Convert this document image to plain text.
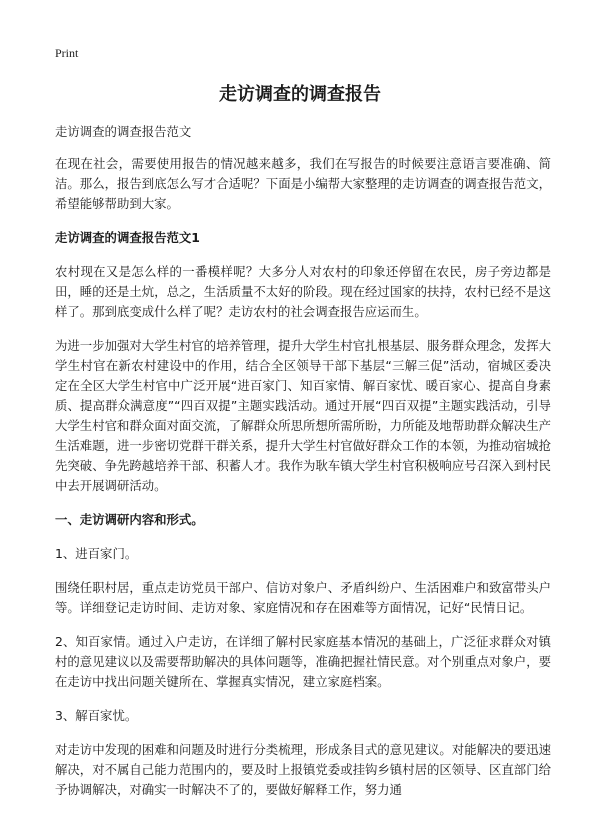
Print
走访调查的调查报告

走访调查的调查报告范文

在现在社会，需要使用报告的情况越来越多，我们在写报告的时候要注意语言要准确、简洁。那么，报告到底怎么写才合适呢？下面是小编帮大家整理的走访调查的调查报告范文，希望能够帮助到大家。

走访调查的调查报告范文1

农村现在又是怎么样的一番模样呢？大多分人对农村的印象还停留在农民，房子旁边都是田，睡的还是土炕，总之，生活质量不太好的阶段。现在经过国家的扶持，农村已经不是这样了。那到底变成什么样了呢？走访农村的社会调查报告应运而生。

为进一步加强对大学生村官的培养管理，提升大学生村官扎根基层、服务群众理念，发挥大学生村官在新农村建设中的作用，结合全区领导干部下基层“三解三促”活动，宿城区委决定在全区大学生村官中广泛开展“进百家门、知百家情、解百家忧、暖百家心、提高自身素质、提高群众满意度”“四百双提”主题实践活动。通过开展“四百双提”主题实践活动，引导大学生村官和群众面对面交流，了解群众所思所想所需所盼，力所能及地帮助群众解决生产生活难题，进一步密切党群干群关系，提升大学生村官做好群众工作的本领，为推动宿城抢先突破、争先跨越培养干部、积蓄人才。我作为耿车镇大学生村官积极响应号召深入到村民中去开展调研活动。

一、走访调研内容和形式。

1、进百家门。

围绕任职村居，重点走访党员干部户、信访对象户、矛盾纠纷户、生活困难户和致富带头户等。详细登记走访时间、走访对象、家庭情况和存在困难等方面情况，记好“民情日记。

2、知百家情。通过入户走访，在详细了解村民家庭基本情况的基础上，广泛征求群众对镇村的意见建议以及需要帮助解决的具体问题等，准确把握社情民意。对个别重点对象户，要在走访中找出问题关键所在、掌握真实情况，建立家庭档案。

3、解百家忧。

对走访中发现的困难和问题及时进行分类梳理，形成条目式的意见建议。对能解决的要迅速解决，对不属自己能力范围内的，要及时上报镇党委或挂钩乡镇村居的区领导、区直部门给予协调解决，对确实一时解决不了的，要做好解释工作，努力通
